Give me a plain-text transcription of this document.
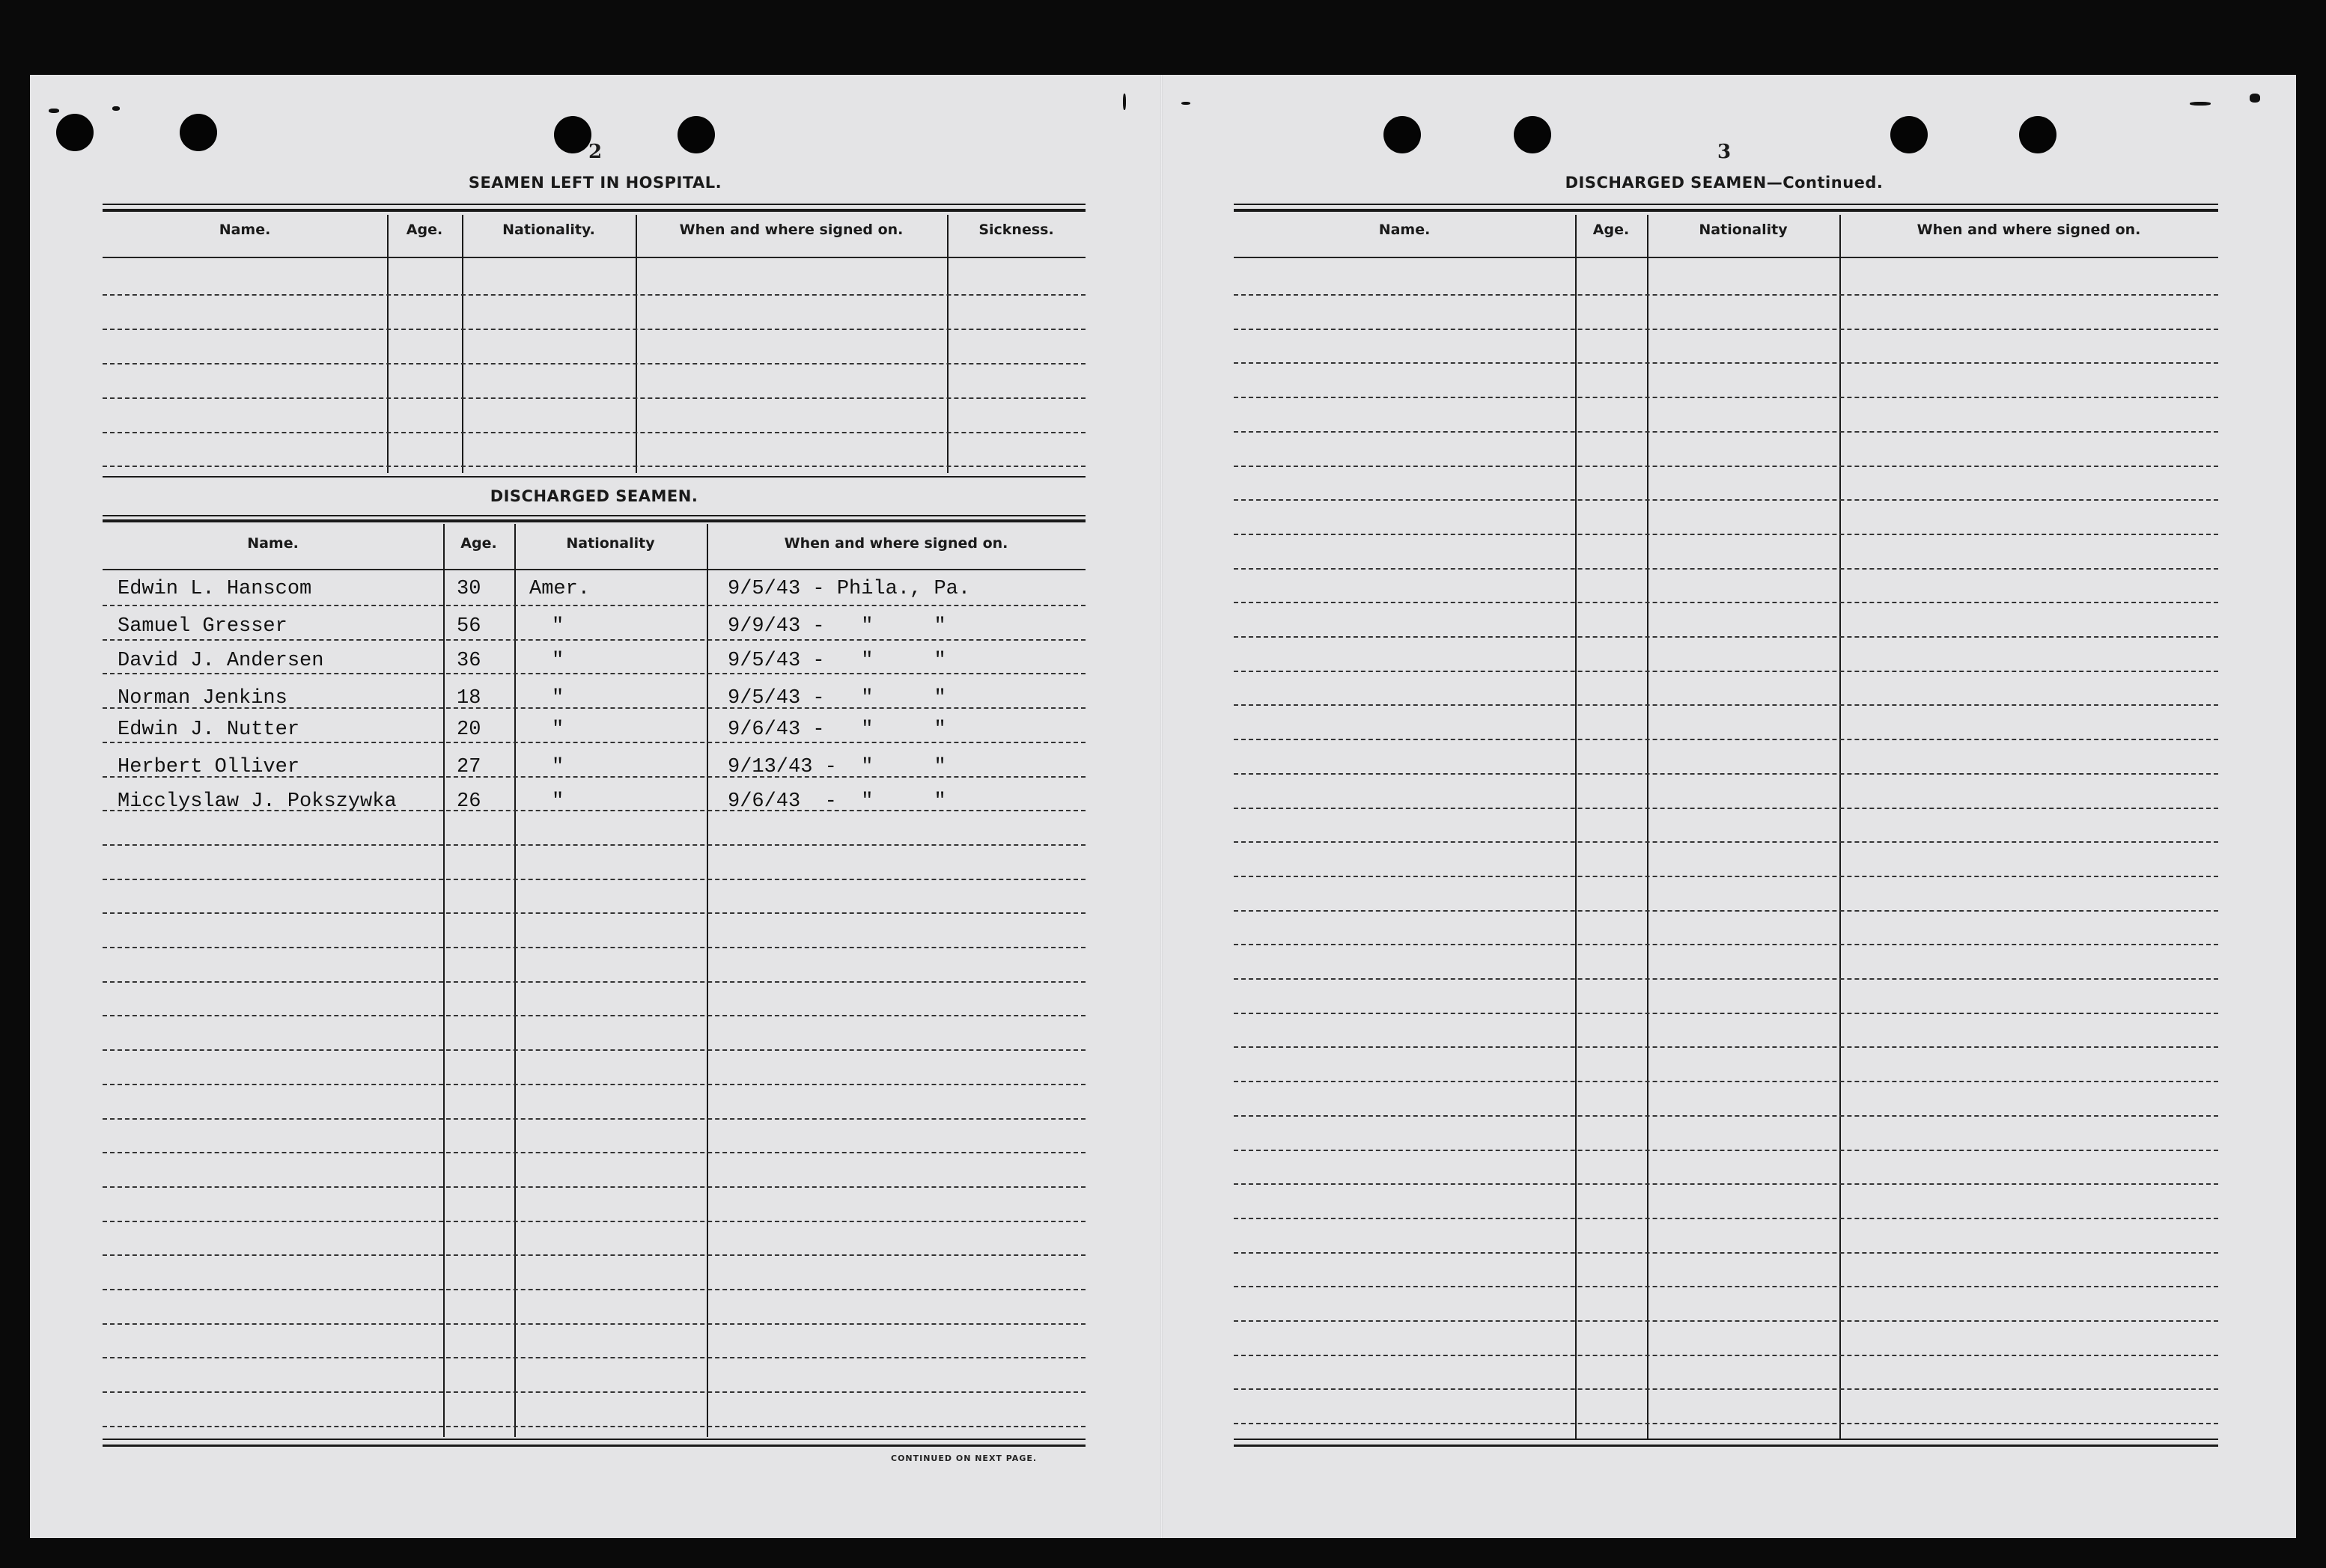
2
SEAMEN LEFT IN HOSPITAL.
Name.	Age.	Nationality.	When and where signed on.	Sickness.
DISCHARGED SEAMEN.
Name.	Age.	Nationality	When and where signed on.
Edwin L. Hanscom	30 Amer.	9/5/43 - Phila., Pa.
Samuel Gresser	56	"	9/9/43 -   "     "
David J. Andersen	36	"	9/5/43 -   "     "
Norman Jenkins	18	"	9/5/43 -   "     "
Edwin J. Nutter	20	"	9/6/43 -   "     "
Herbert Olliver	27	"	9/13/43 -  "     "
Micclyslaw J. Pokszywka	26	"	9/6/43  -  "     "
CONTINUED ON NEXT PAGE.
3
DISCHARGED SEAMEN—Continued.
Name.	Age.	Nationality	When and where signed on.
